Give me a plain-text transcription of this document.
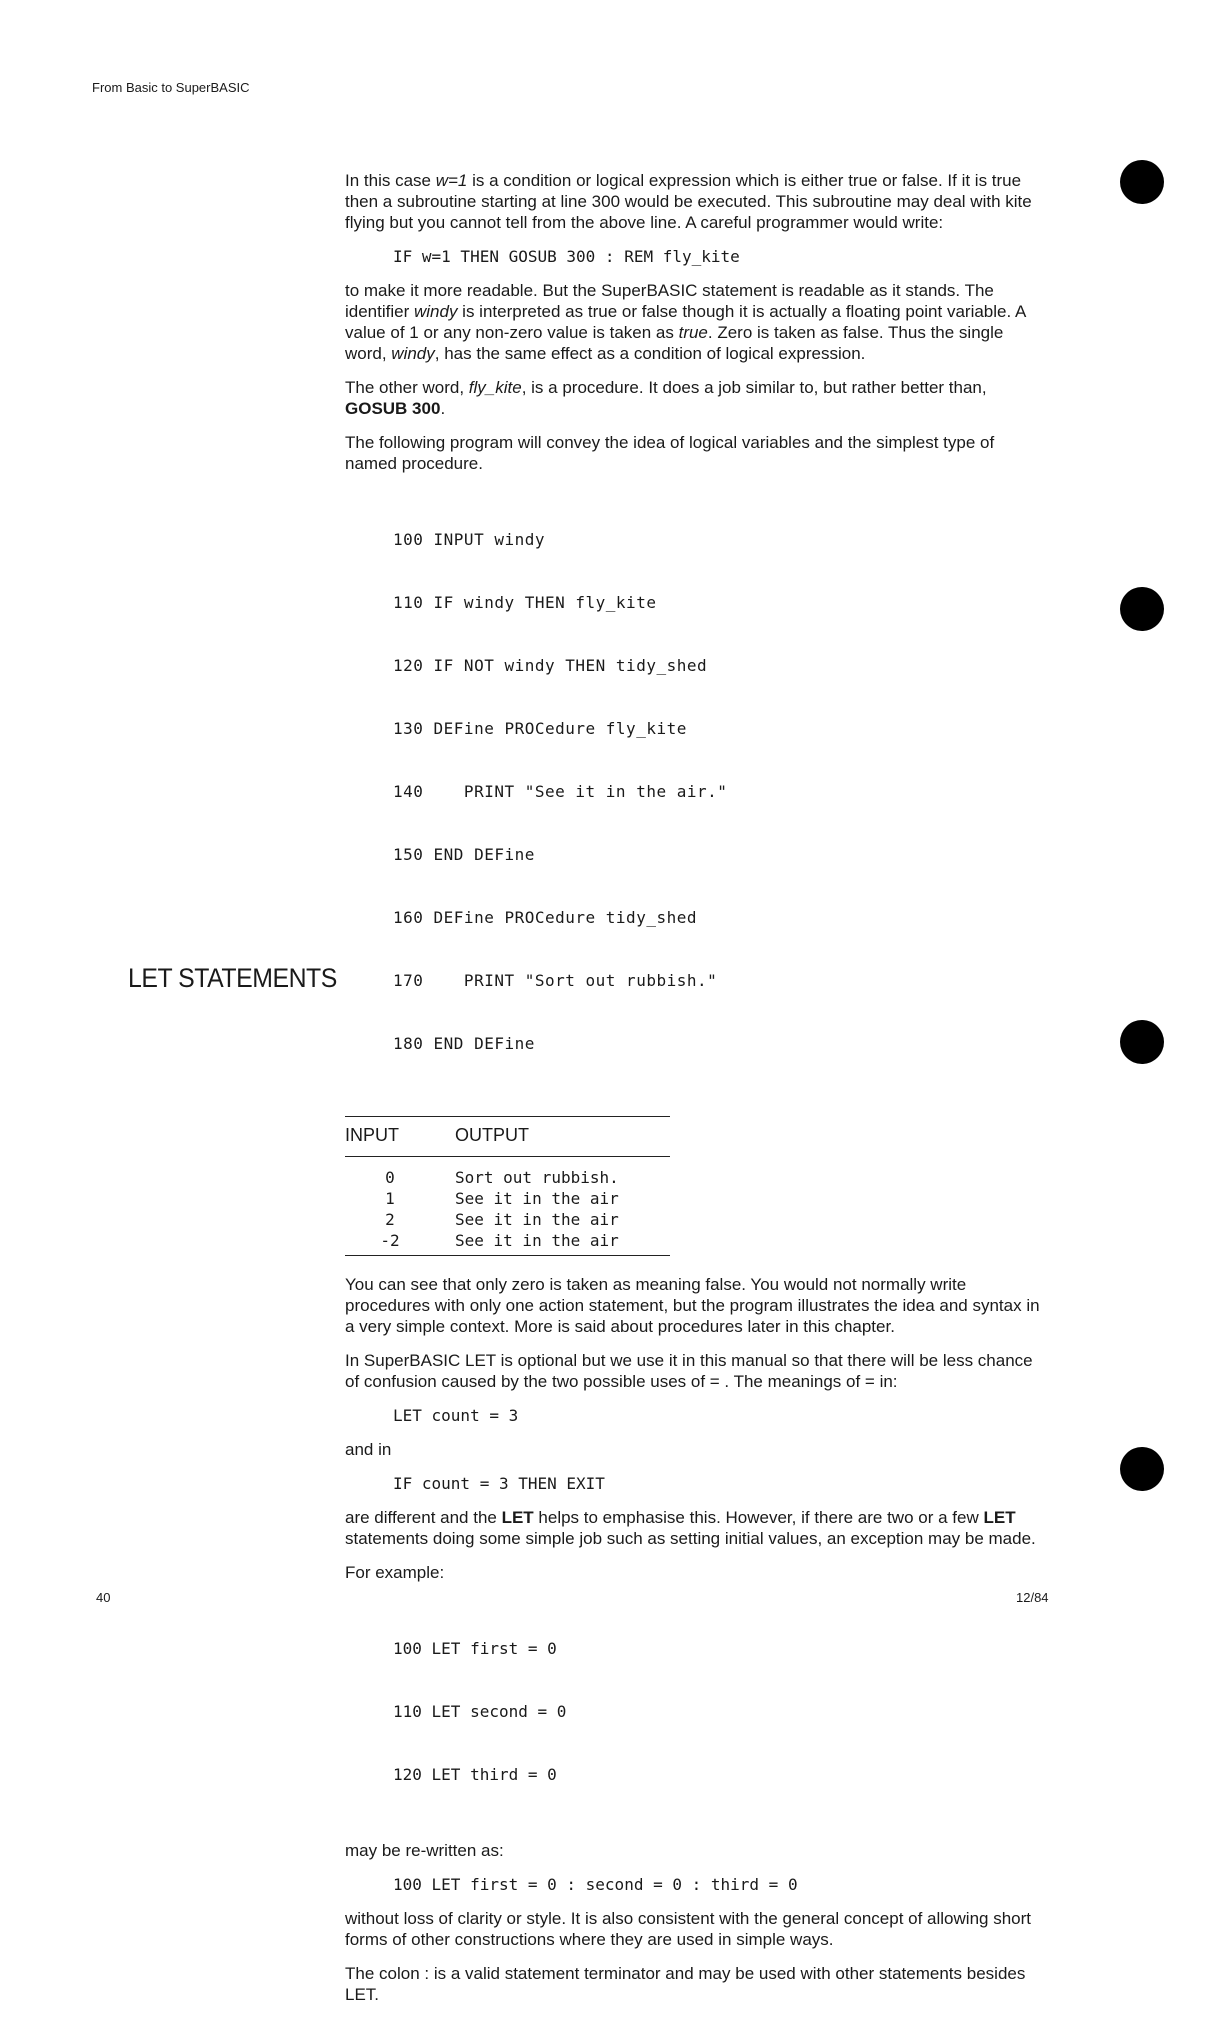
From Basic to SuperBASIC
LET STATEMENTS

In this case w=1 is a condition or logical expression which is either true or false. If it is true then a subroutine starting at line 300 would be executed. This subroutine may deal with kite flying but you cannot tell from the above line. A careful programmer would write:

IF w=1 THEN GOSUB 300 : REM fly_kite

to make it more readable. But the SuperBASIC statement is readable as it stands. The identifier windy is interpreted as true or false though it is actually a floating point variable. A value of 1 or any non-zero value is taken as true. Zero is taken as false. Thus the single word, windy, has the same effect as a condition of logical expression.

The other word, fly_kite, is a procedure. It does a job similar to, but rather better than, GOSUB 300.

The following program will convey the idea of logical variables and the simplest type of named procedure.

100 INPUT windy

110 IF windy THEN fly_kite

120 IF NOT windy THEN tidy_shed

130 DEFine PROCedure fly_kite

140    PRINT "See it in the air."

150 END DEFine

160 DEFine PROCedure tidy_shed

170    PRINT "Sort out rubbish."

180 END DEFine

INPUT	OUTPUT
0	Sort out rubbish.
1	See it in the air
2	See it in the air
-2	See it in the air

You can see that only zero is taken as meaning false. You would not normally write procedures with only one action statement, but the program illustrates the idea and syntax in a very simple context. More is said about procedures later in this chapter.

In SuperBASIC LET is optional but we use it in this manual so that there will be less chance of confusion caused by the two possible uses of = . The meanings of = in:

LET count = 3

and in

IF count = 3 THEN EXIT

are different and the LET helps to emphasise this. However, if there are two or a few LET statements doing some simple job such as setting initial values, an exception may be made.

For example:

100 LET first = 0

110 LET second = 0

120 LET third = 0

may be re-written as:

100 LET first = 0 : second = 0 : third = 0

without loss of clarity or style. It is also consistent with the general concept of allowing short forms of other constructions where they are used in simple ways.

The colon : is a valid statement terminator and may be used with other statements besides LET.

40	12/84
